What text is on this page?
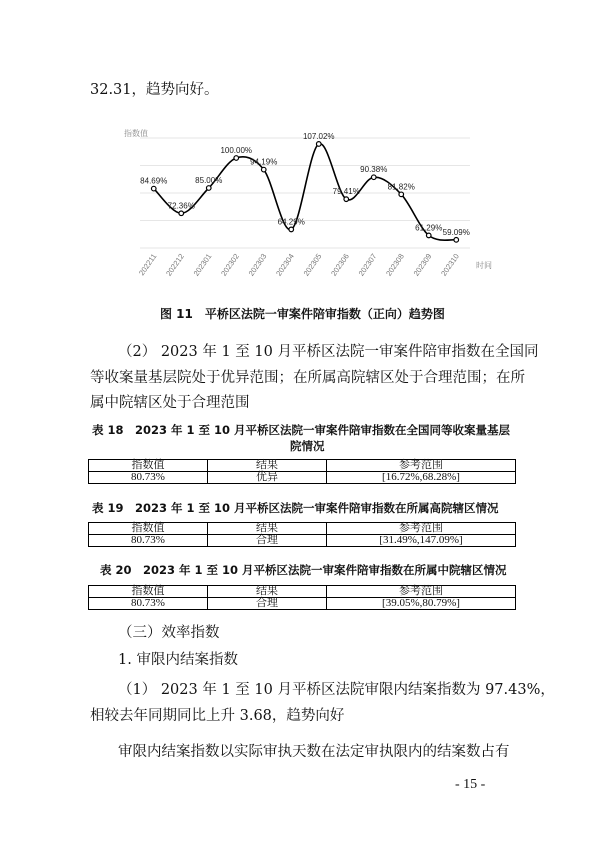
32.31，趋势向好。
指数值
时间
202211 202212 202301 202302 202303 202304 202305 202306 202307 202308 202309 202310
84.69%
72.36%
85.00%
100.00%
94.19%
64.29%
107.02%
79.41%
90.38%
81.82%
61.29% 59.09%
图 11　平桥区法院一审案件陪审指数（正向）趋势图
（2） 2023 年 1 至 10 月平桥区法院一审案件陪审指数在全国同
等收案量基层院处于优异范围；在所属高院辖区处于合理范围；在所
属中院辖区处于合理范围
表 18　2023 年 1 至 10 月平桥区法院一审案件陪审指数在全国同等收案量基层
院情况
指数值	结果	参考范围
80.73%	优异	[16.72%,68.28%]
表 19　2023 年 1 至 10 月平桥区法院一审案件陪审指数在所属高院辖区情况
指数值	结果	参考范围
80.73%	合理	[31.49%,147.09%]
表 20　2023 年 1 至 10 月平桥区法院一审案件陪审指数在所属中院辖区情况
指数值	结果	参考范围
80.73%	合理	[39.05%,80.79%]
（三）效率指数
1. 审限内结案指数
（1） 2023 年 1 至 10 月平桥区法院审限内结案指数为 97.43%，
相较去年同期同比上升 3.68，趋势向好
审限内结案指数以实际审执天数在法定审执限内的结案数占有
- 15 -
